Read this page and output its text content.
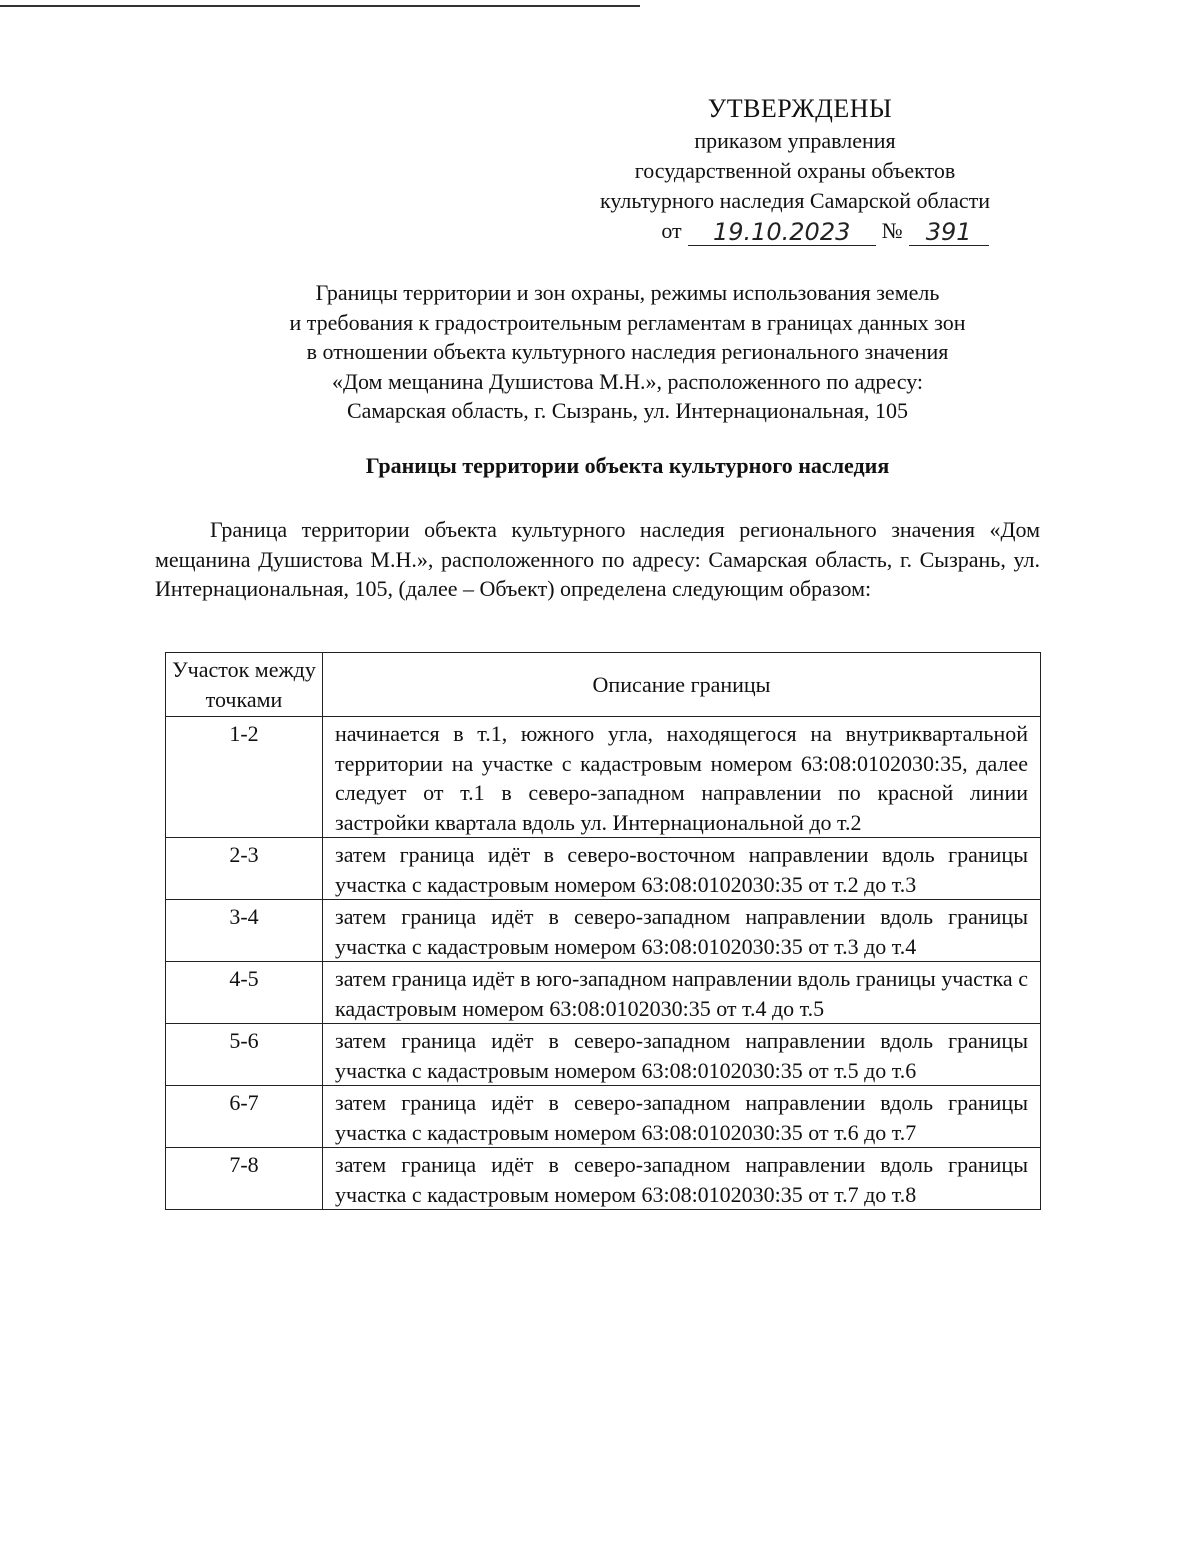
УТВЕРЖДЕНЫ
приказом управления
государственной охраны объектов
культурного наследия Самарской области
от	19.10.2023	№ 391
Границы территории и зон охраны, режимы использования земель
и требования к градостроительным регламентам в границах данных зон
в отношении объекта культурного наследия регионального значения
«Дом мещанина Душистова М.Н.», расположенного по адресу:
Самарская область, г. Сызрань, ул. Интернациональная, 105
Границы территории объекта культурного наследия

Граница территории объекта культурного наследия регионального значения «Дом мещанина Душистова М.Н.», расположенного по адресу: Самарская область, г. Сызрань, ул. Интернациональная, 105, (далее – Объект) определена следующим образом:

Участок между точками	Описание границы
1-2	начинается в т.1, южного угла, находящегося на внутриквартальной территории на участке с кадастровым номером 63:08:0102030:35, далее следует от т.1 в северо-западном направлении по красной линии застройки квартала вдоль ул. Интернациональной до т.2
2-3	затем граница идёт в северо-восточном направлении вдоль границы участка с кадастровым номером 63:08:0102030:35 от т.2 до т.3
3-4	затем граница идёт в северо-западном направлении вдоль границы участка с кадастровым номером 63:08:0102030:35 от т.3 до т.4
4-5	затем граница идёт в юго-западном направлении вдоль границы участка с кадастровым номером 63:08:0102030:35 от т.4 до т.5
5-6	затем граница идёт в северо-западном направлении вдоль границы участка с кадастровым номером 63:08:0102030:35 от т.5 до т.6
6-7	затем граница идёт в северо-западном направлении вдоль границы участка с кадастровым номером 63:08:0102030:35 от т.6 до т.7
7-8	затем граница идёт в северо-западном направлении вдоль границы участка с кадастровым номером 63:08:0102030:35 от т.7 до т.8
